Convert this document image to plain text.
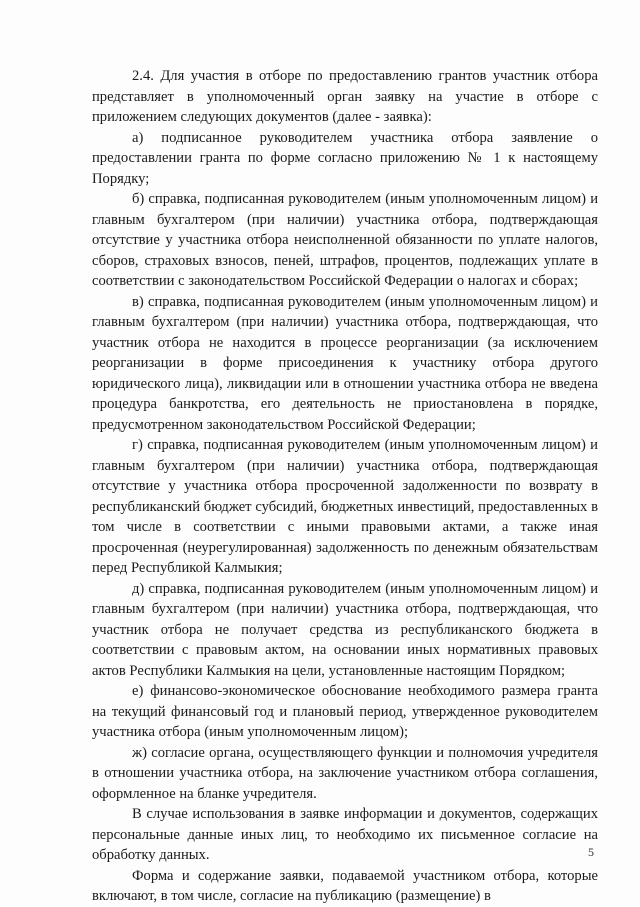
2.4. Для участия в отборе по предоставлению грантов участник отбора представляет в уполномоченный орган заявку на участие в отборе с приложением следующих документов (далее - заявка):

а) подписанное руководителем участника отбора заявление о предоставлении гранта по форме согласно приложению № 1 к настоящему Порядку;

б) справка, подписанная руководителем (иным уполномоченным лицом) и главным бухгалтером (при наличии) участника отбора, подтверждающая отсутствие у участника отбора неисполненной обязанности по уплате налогов, сборов, страховых взносов, пеней, штрафов, процентов, подлежащих уплате в соответствии с законодательством Российской Федерации о налогах и сборах;

в) справка, подписанная руководителем (иным уполномоченным лицом) и главным бухгалтером (при наличии) участника отбора, подтверждающая, что участник отбора не находится в процессе реорганизации (за исключением реорганизации в форме присоединения к участнику отбора другого юридического лица), ликвидации или в отношении участника отбора не введена процедура банкротства, его деятельность не приостановлена в порядке, предусмотренном законодательством Российской Федерации;

г) справка, подписанная руководителем (иным уполномоченным лицом) и главным бухгалтером (при наличии) участника отбора, подтверждающая отсутствие у участника отбора просроченной задолженности по возврату в республиканский бюджет субсидий, бюджетных инвестиций, предоставленных в том числе в соответствии с иными правовыми актами, а также иная просроченная (неурегулированная) задолженность по денежным обязательствам перед Республикой Калмыкия;

д) справка, подписанная руководителем (иным уполномоченным лицом) и главным бухгалтером (при наличии) участника отбора, подтверждающая, что участник отбора не получает средства из республиканского бюджета в соответствии с правовым актом, на основании иных нормативных правовых актов Республики Калмыкия на цели, установленные настоящим Порядком;

е) финансово-экономическое обоснование необходимого размера гранта на текущий финансовый год и плановый период, утвержденное руководителем участника отбора (иным уполномоченным лицом);

ж) согласие органа, осуществляющего функции и полномочия учредителя в отношении участника отбора, на заключение участником отбора соглашения, оформленное на бланке учредителя.

В случае использования в заявке информации и документов, содержащих персональные данные иных лиц, то необходимо их письменное согласие на обработку данных.

Форма и содержание заявки, подаваемой участником отбора, которые включают, в том числе, согласие на публикацию (размещение) в

5
